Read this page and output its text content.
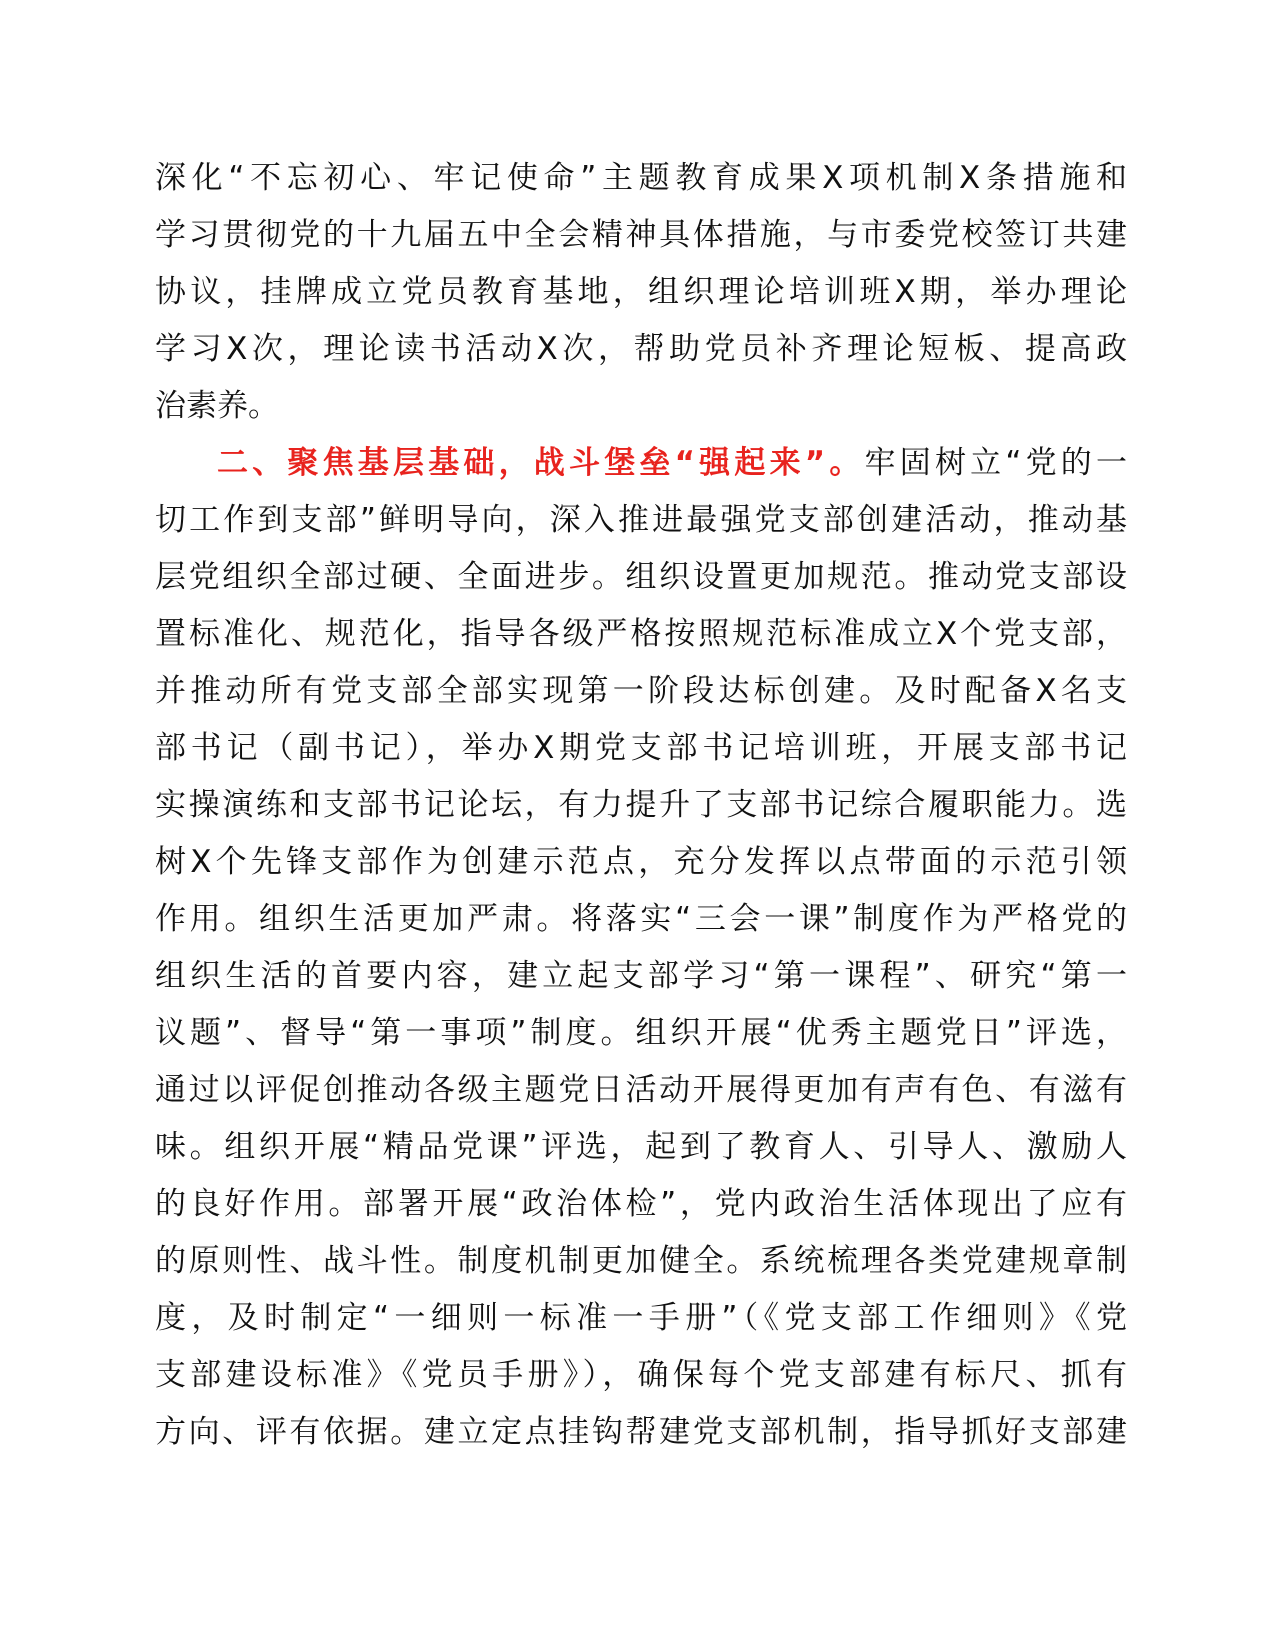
深化“不忘初心、牢记使命”主题教育成果X项机制X条措施和
学习贯彻党的十九届五中全会精神具体措施，与市委党校签订共建
协议，挂牌成立党员教育基地，组织理论培训班X期，举办理论
学习X次，理论读书活动X次，帮助党员补齐理论短板、提高政
治素养。
二、聚焦基层基础，战斗堡垒“强起来”。牢固树立“党的一
切工作到支部”鲜明导向，深入推进最强党支部创建活动，推动基
层党组织全部过硬、全面进步。组织设置更加规范。推动党支部设
置标准化、规范化，指导各级严格按照规范标准成立X个党支部，
并推动所有党支部全部实现第一阶段达标创建。及时配备X名支
部书记（副书记），举办X期党支部书记培训班，开展支部书记
实操演练和支部书记论坛，有力提升了支部书记综合履职能力。选
树X个先锋支部作为创建示范点，充分发挥以点带面的示范引领
作用。组织生活更加严肃。将落实“三会一课”制度作为严格党的
组织生活的首要内容，建立起支部学习“第一课程”、研究“第一
议题”、督导“第一事项”制度。组织开展“优秀主题党日”评选，
通过以评促创推动各级主题党日活动开展得更加有声有色、有滋有
味。组织开展“精品党课”评选，起到了教育人、引导人、激励人
的良好作用。部署开展“政治体检”，党内政治生活体现出了应有
的原则性、战斗性。制度机制更加健全。系统梳理各类党建规章制
度，及时制定“一细则一标准一手册”（《党支部工作细则》《党
支部建设标准》《党员手册》），确保每个党支部建有标尺、抓有
方向、评有依据。建立定点挂钩帮建党支部机制，指导抓好支部建
